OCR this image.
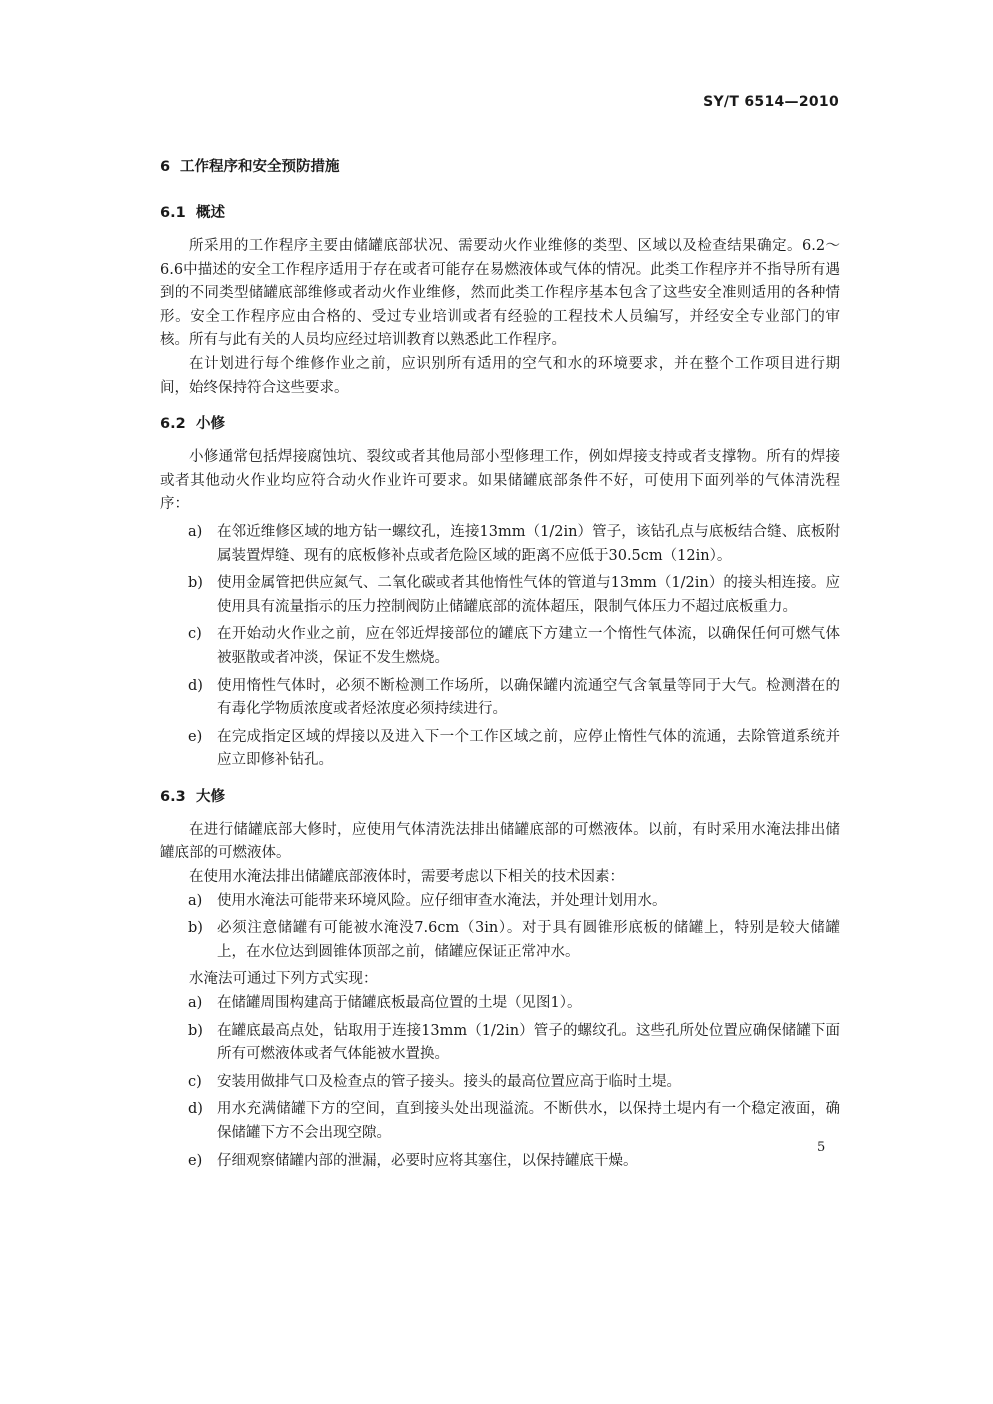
SY/T 6514—2010
6 工作程序和安全预防措施
6.1 概述

所采用的工作程序主要由储罐底部状况、需要动火作业维修的类型、区域以及检查结果确定。6.2～6.6中描述的安全工作程序适用于存在或者可能存在易燃液体或气体的情况。此类工作程序并不指导所有遇到的不同类型储罐底部维修或者动火作业维修，然而此类工作程序基本包含了这些安全准则适用的各种情形。安全工作程序应由合格的、受过专业培训或者有经验的工程技术人员编写，并经安全专业部门的审核。所有与此有关的人员均应经过培训教育以熟悉此工作程序。

在计划进行每个维修作业之前，应识别所有适用的空气和水的环境要求，并在整个工作项目进行期间，始终保持符合这些要求。

6.2 小修

小修通常包括焊接腐蚀坑、裂纹或者其他局部小型修理工作，例如焊接支持或者支撑物。所有的焊接或者其他动火作业均应符合动火作业许可要求。如果储罐底部条件不好，可使用下面列举的气体清洗程序：

a)	在邻近维修区域的地方钻一螺纹孔，连接13mm（1/2in）管子，该钻孔点与底板结合缝、底板附属装置焊缝、现有的底板修补点或者危险区域的距离不应低于30.5cm（12in）。
b) 使用金属管把供应氮气、二氧化碳或者其他惰性气体的管道与13mm（1/2in）的接头相连接。应使用具有流量指示的压力控制阀防止储罐底部的流体超压，限制气体压力不超过底板重力。
c)	在开始动火作业之前，应在邻近焊接部位的罐底下方建立一个惰性气体流，以确保任何可燃气体被驱散或者冲淡，保证不发生燃烧。
d) 使用惰性气体时，必须不断检测工作场所，以确保罐内流通空气含氧量等同于大气。检测潜在的有毒化学物质浓度或者烃浓度必须持续进行。
e)	在完成指定区域的焊接以及进入下一个工作区域之前，应停止惰性气体的流通，去除管道系统并应立即修补钻孔。
6.3 大修

在进行储罐底部大修时，应使用气体清洗法排出储罐底部的可燃液体。以前，有时采用水淹法排出储罐底部的可燃液体。

在使用水淹法排出储罐底部液体时，需要考虑以下相关的技术因素：

a)	使用水淹法可能带来环境风险。应仔细审查水淹法，并处理计划用水。
b) 必须注意储罐有可能被水淹没7.6cm（3in）。对于具有圆锥形底板的储罐上，特别是较大储罐上，在水位达到圆锥体顶部之前，储罐应保证正常冲水。

水淹法可通过下列方式实现：

a)	在储罐周围构建高于储罐底板最高位置的土堤（见图1）。
b) 在罐底最高点处，钻取用于连接13mm（1/2in）管子的螺纹孔。这些孔所处位置应确保储罐下面所有可燃液体或者气体能被水置换。
c)	安装用做排气口及检查点的管子接头。接头的最高位置应高于临时土堤。
d) 用水充满储罐下方的空间，直到接头处出现溢流。不断供水，以保持土堤内有一个稳定液面，确保储罐下方不会出现空隙。
e)	仔细观察储罐内部的泄漏，必要时应将其塞住，以保持罐底干燥。
5
